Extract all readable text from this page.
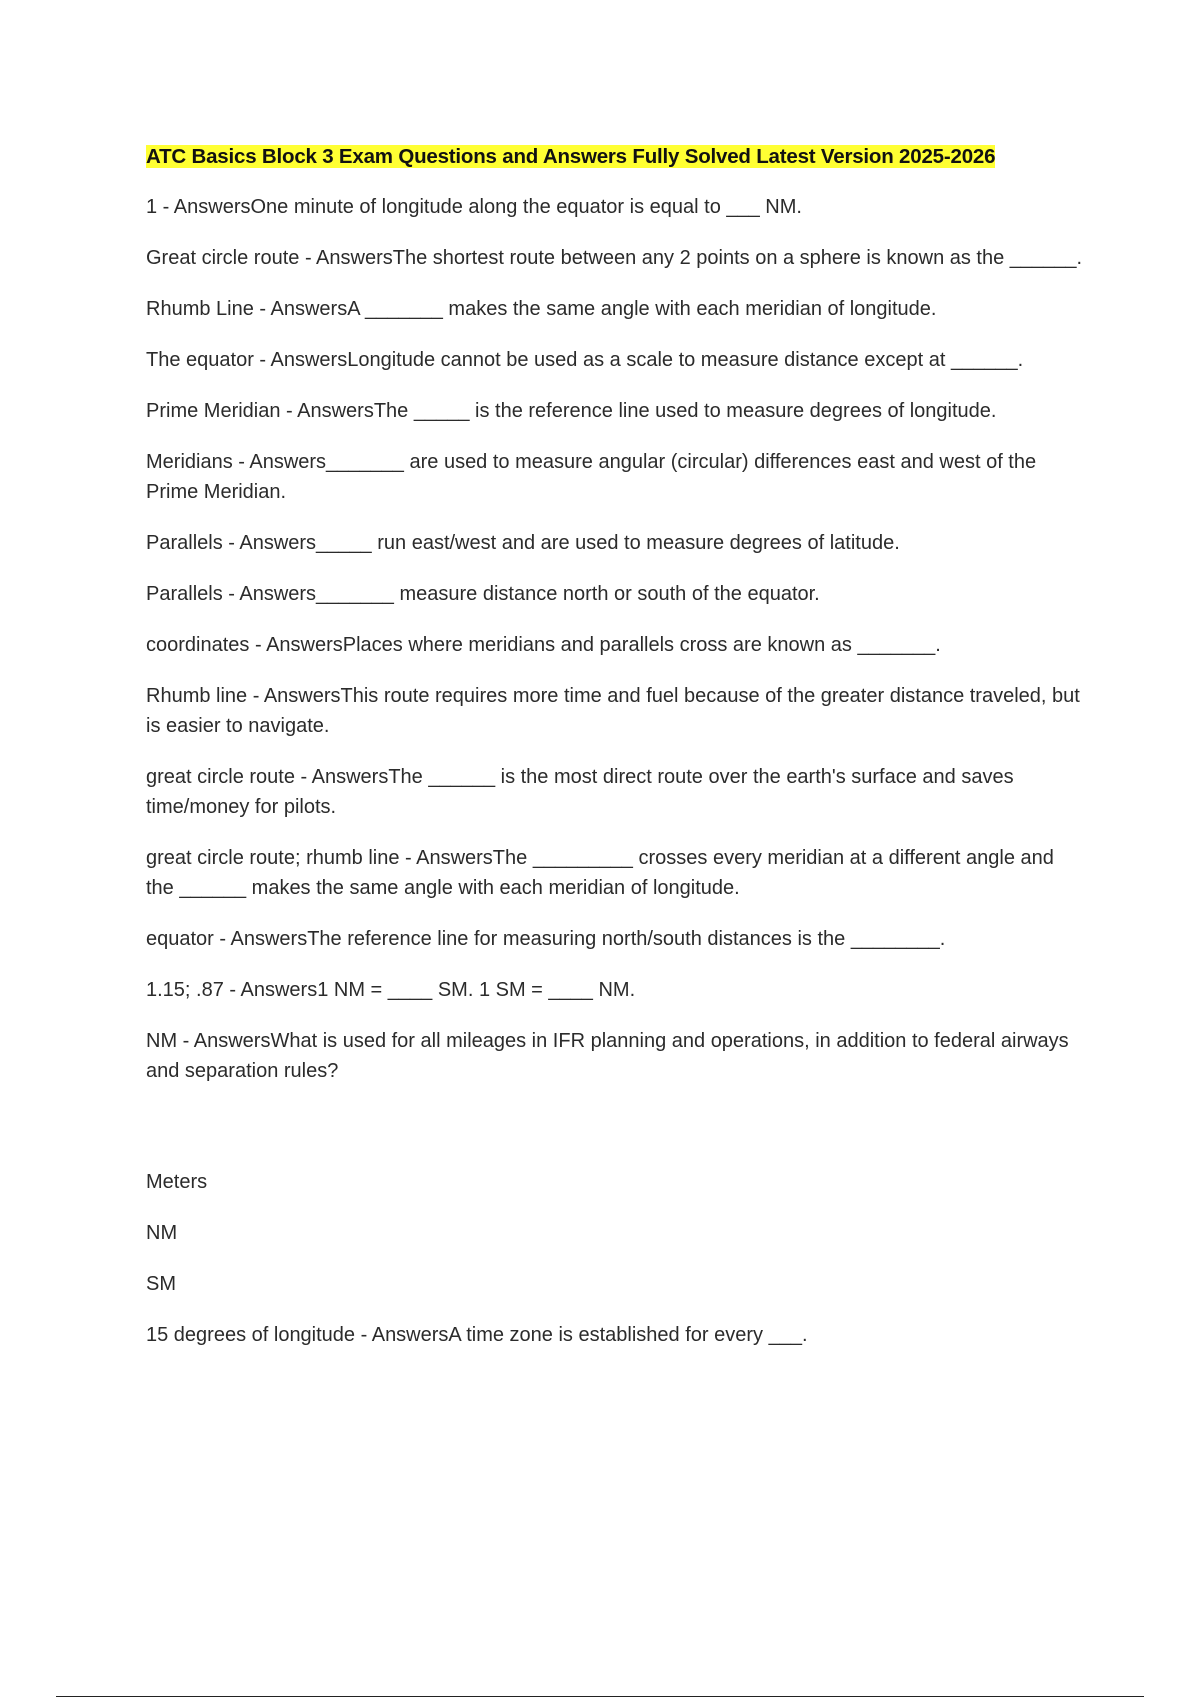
ATC Basics Block 3 Exam Questions and Answers Fully Solved Latest Version 2025-2026

1 - AnswersOne minute of longitude along the equator is equal to ___ NM.

Great circle route - AnswersThe shortest route between any 2 points on a sphere is known as the ______.

Rhumb Line - AnswersA _______ makes the same angle with each meridian of longitude.

The equator - AnswersLongitude cannot be used as a scale to measure distance except at ______.

Prime Meridian - AnswersThe _____ is the reference line used to measure degrees of longitude.

Meridians - Answers_______ are used to measure angular (circular) differences east and west of the Prime Meridian.

Parallels - Answers_____ run east/west and are used to measure degrees of latitude.

Parallels - Answers_______ measure distance north or south of the equator.

coordinates - AnswersPlaces where meridians and parallels cross are known as _______.

Rhumb line - AnswersThis route requires more time and fuel because of the greater distance traveled, but is easier to navigate.

great circle route - AnswersThe ______ is the most direct route over the earth's surface and saves time/money for pilots.

great circle route; rhumb line - AnswersThe _________ crosses every meridian at a different angle and the ______ makes the same angle with each meridian of longitude.

equator - AnswersThe reference line for measuring north/south distances is the ________.

1.15; .87 - Answers1 NM = ____ SM. 1 SM = ____ NM.

NM - AnswersWhat is used for all mileages in IFR planning and operations, in addition to federal airways and separation rules?

Meters

NM

SM

15 degrees of longitude - AnswersA time zone is established for every ___.
